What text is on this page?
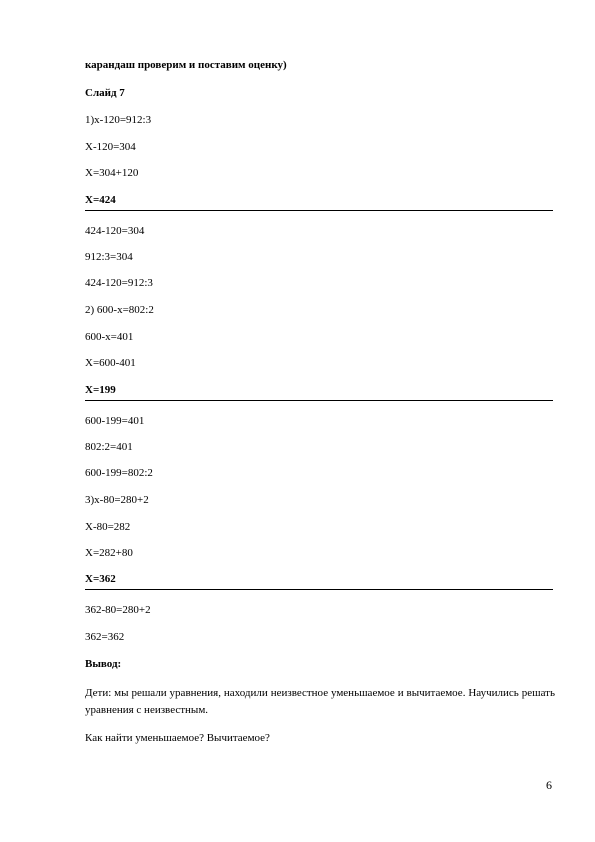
карандаш проверим и поставим оценку)

Слайд 7

1)х-120=912:3

Х-120=304

Х=304+120

Х=424

424-120=304

912:3=304

424-120=912:3

2) 600-х=802:2

600-х=401

Х=600-401

Х=199

600-199=401

802:2=401

600-199=802:2

3)х-80=280+2

Х-80=282

Х=282+80

Х=362

362-80=280+2

362=362

Вывод:

Дети: мы решали уравнения, находили неизвестное уменьшаемое и вычитаемое. Научились решать уравнения с неизвестным.

Как найти уменьшаемое? Вычитаемое?

6
